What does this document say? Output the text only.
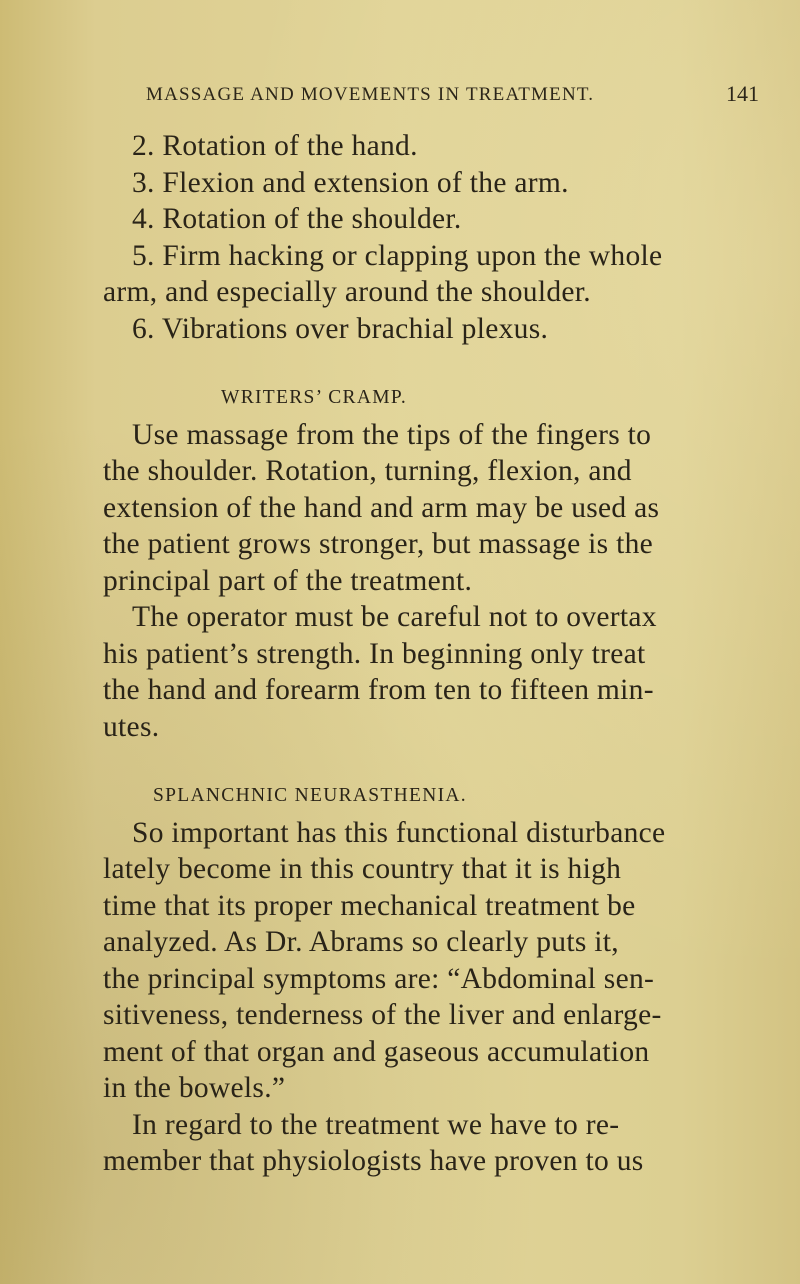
MASSAGE AND MOVEMENTS IN TREATMENT.	141
2. Rotation of the hand.
3. Flexion and extension of the arm.
4. Rotation of the shoulder.
5. Firm hacking or clapping upon the whole
arm, and especially around the shoulder.
6. Vibrations over brachial plexus.
WRITERS’ CRAMP.
Use massage from the tips of the fingers to
the shoulder. Rotation, turning, flexion, and
extension of the hand and arm may be used as
the patient grows stronger, but massage is the
principal part of the treatment.
The operator must be careful not to overtax
his patient’s strength. In beginning only treat
the hand and forearm from ten to fifteen min-
utes.
SPLANCHNIC NEURASTHENIA.
So important has this functional disturbance
lately become in this country that it is high
time that its proper mechanical treatment be
analyzed. As Dr. Abrams so clearly puts it,
the principal symptoms are: “Abdominal sen-
sitiveness, tenderness of the liver and enlarge-
ment of that organ and gaseous accumulation
in the bowels.”
In regard to the treatment we have to re-
member that physiologists have proven to us
